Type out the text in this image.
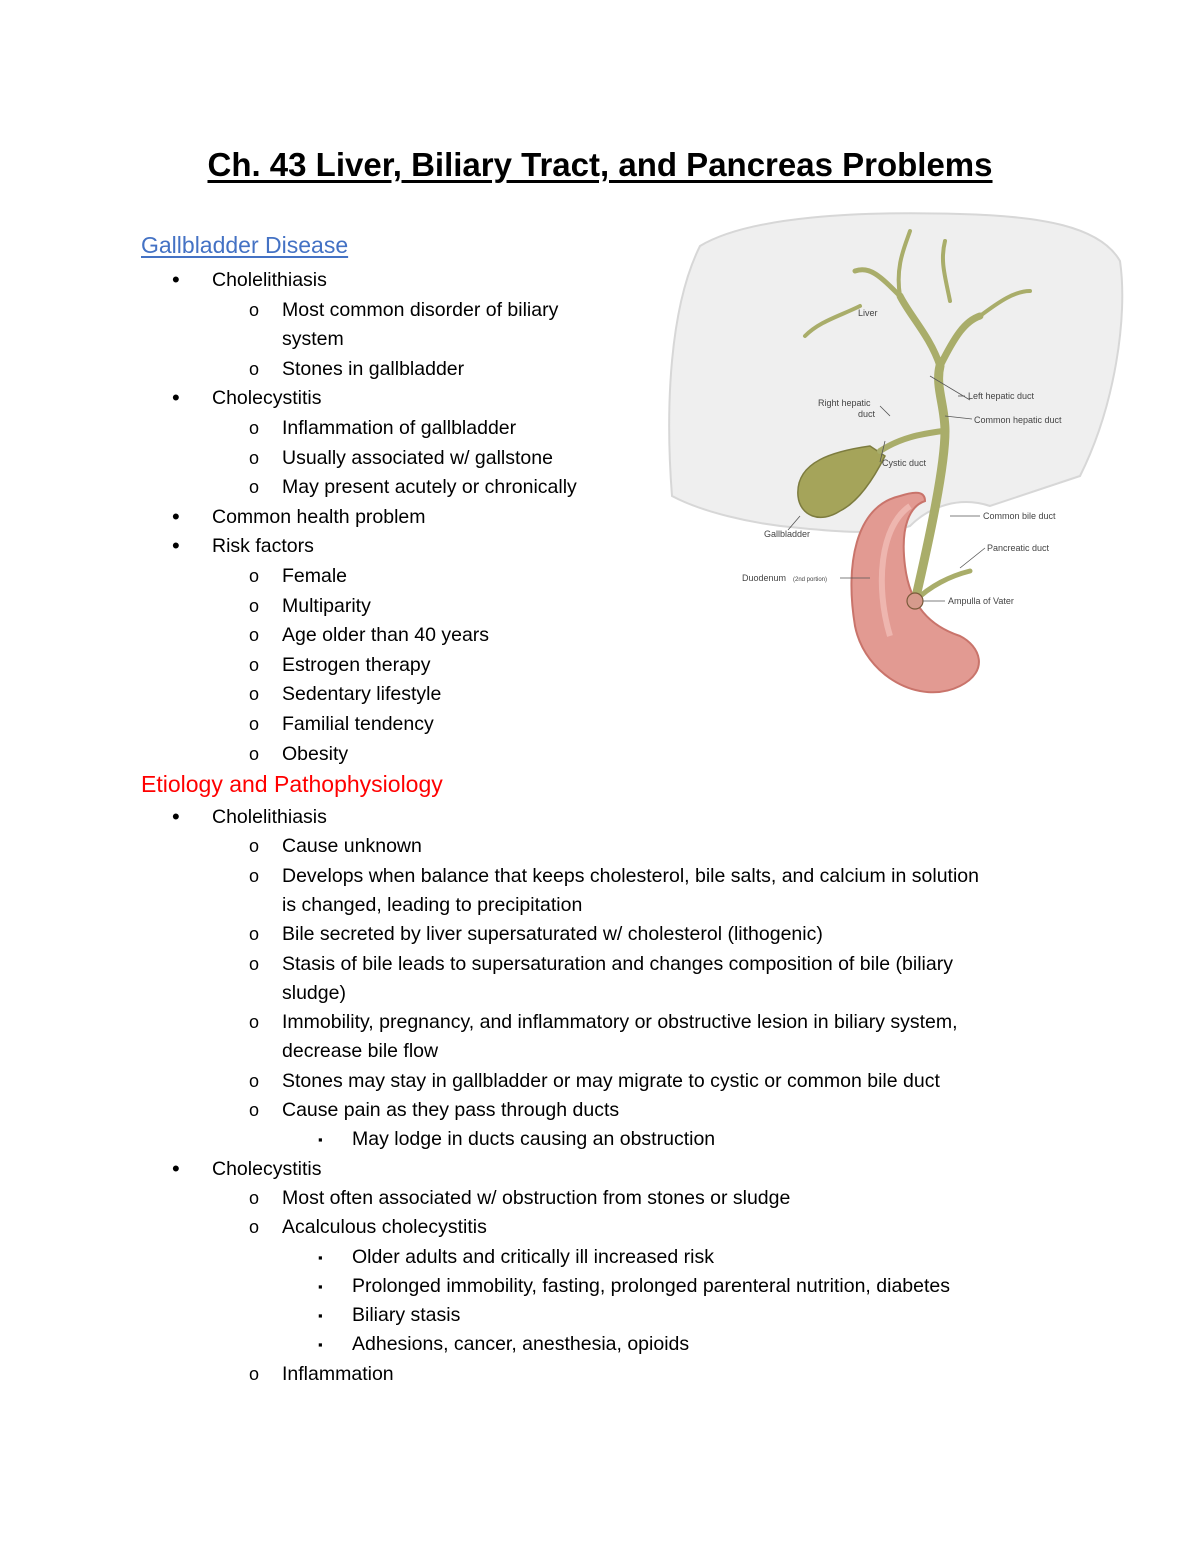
Ch. 43 Liver, Biliary Tract, and Pancreas Problems
Gallbladder Disease
Cholelithiasis
•
Most common disorder of biliary
o
system
Stones in gallbladder
o
Cholecystitis
•
Inflammation of gallbladder
o
Usually associated w/ gallstone
o
May present acutely or chronically
o
Common health problem
•
Risk factors
•
Female
o
Multiparity
o
Age older than 40 years
o
Estrogen therapy
o
Sedentary lifestyle
o
Familial tendency
o
Obesity
o
Etiology and Pathophysiology
Cholelithiasis
•
Cause unknown
o
Develops when balance that keeps cholesterol, bile salts, and calcium in solution
o
is changed, leading to precipitation
Bile secreted by liver supersaturated w/ cholesterol (lithogenic)
o
Stasis of bile leads to supersaturation and changes composition of bile (biliary
o
sludge)
Immobility, pregnancy, and inflammatory or obstructive lesion in biliary system,
o
decrease bile flow
Stones may stay in gallbladder or may migrate to cystic or common bile duct
o
Cause pain as they pass through ducts
o
May lodge in ducts causing an obstruction
▪
Cholecystitis
•
Most often associated w/ obstruction from stones or sludge
o
Acalculous cholecystitis
o
Older adults and critically ill increased risk
▪
Prolonged immobility, fasting, prolonged parenteral nutrition, diabetes
▪
Biliary stasis
▪
Adhesions, cancer, anesthesia, opioids
▪
Inflammation
o
Liver
Left hepatic duct
Right hepatic
duct
Common hepatic duct
Cystic duct
Common bile duct
Gallbladder
Pancreatic duct
Duodenum (2nd portion)
Ampulla of Vater
